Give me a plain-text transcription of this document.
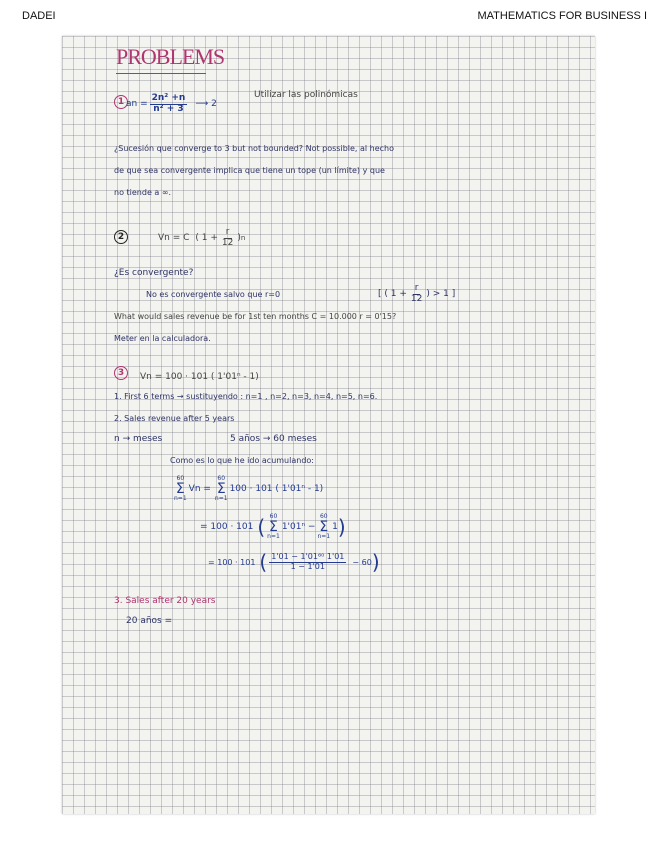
DADEI	MATHEMATICS FOR BUSINESS I
PROBLEMS
1 an = $\frac{\text{2n² +n}}{\text{n² + 3}}$ ⟶ 2
Utilizar las polinómicas
¿Sucesión que converge to 3 but not bounded? Not possible, al hecho
de que sea convergente implica que tiene un tope (un límite) y que
no tiende a ∞.
2	Vn = C ( $1 + \frac{r}{12}$ ) n
¿Es convergente?
No es convergente salvo que r=0	[ ( $1 + \frac{r}{12}$ ) > 1 ]
What would sales revenue be for 1st ten months C = 10.000 r = 0'15?
Meter en la calculadora.
3	Vn = 100 · 101 ( 1'01ⁿ - 1)
1. First 6 terms → sustituyendo : n=1 , n=2, n=3, n=4, n=5, n=6.
2. Sales revenue after 5 years
n → meses	5 años → 60 meses
Como es lo que he ido acumulando:
60
Σ
n=1
Vn =
60
Σ
n=1
100 · 101 ( 1'01ⁿ - 1)
= 100 · 101 ( 60
Σ
n=1
1'01ⁿ −
60
Σ
n=1
1 )
= 100 · 101 ( $\frac{\text{1'01 − 1'01⁶⁰ 1'01}}{1 - 1'01} - 60$ )
3. Sales after 20 years
20 años =
